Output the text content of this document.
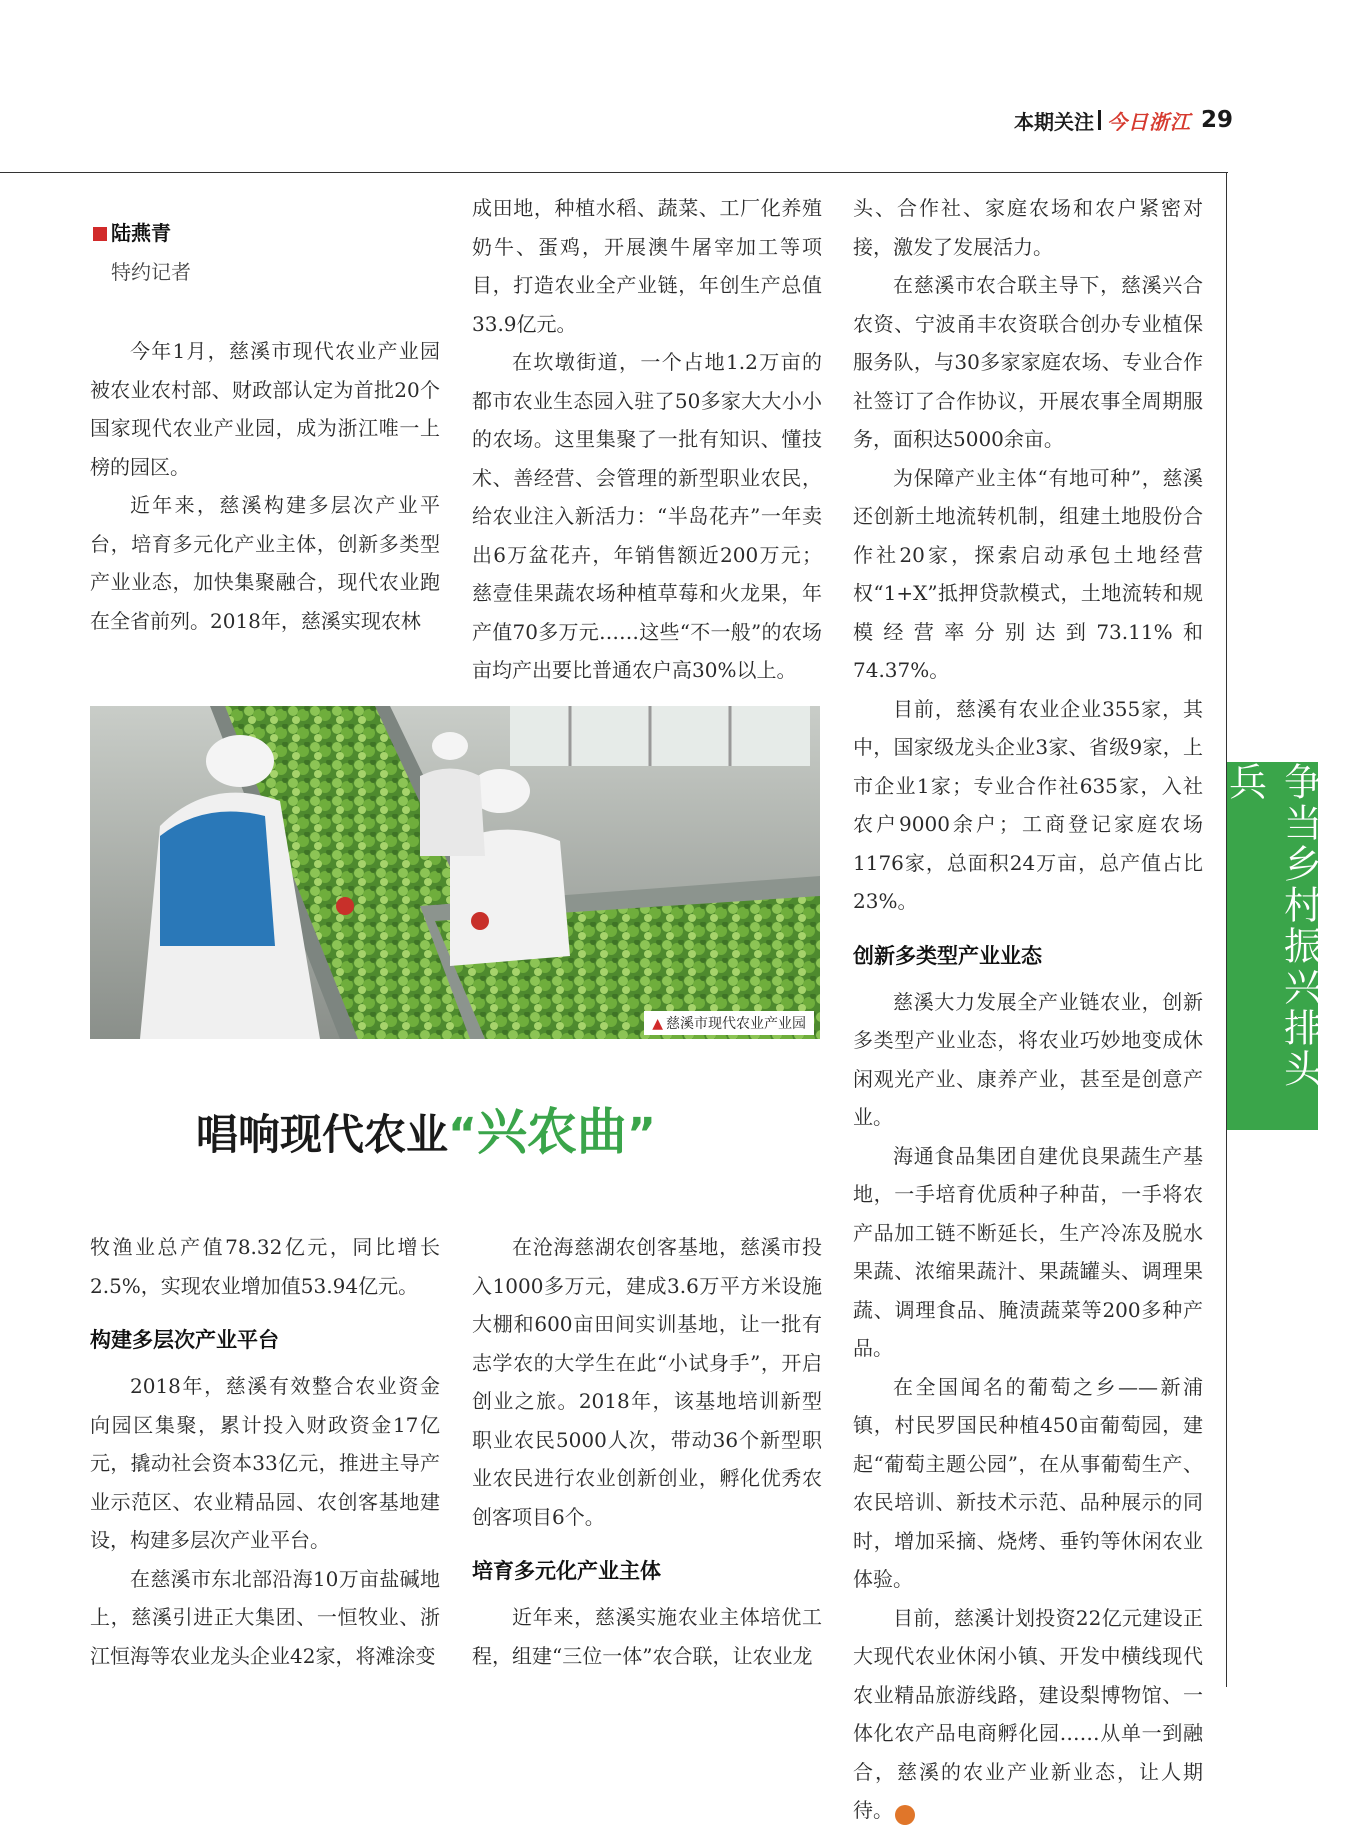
本期关注 今日浙江 29
争当乡村振兴排头兵
陆燕青
特约记者

今年1月，慈溪市现代农业产业园被农业农村部、财政部认定为首批20个国家现代农业产业园，成为浙江唯一上榜的园区。

近年来，慈溪构建多层次产业平台，培育多元化产业主体，创新多类型产业业态，加快集聚融合，现代农业跑在全省前列。2018年，慈溪实现农林

成田地，种植水稻、蔬菜、工厂化养殖奶牛、蛋鸡，开展澳牛屠宰加工等项目，打造农业全产业链，年创生产总值33.9亿元。

在坎墩街道，一个占地1.2万亩的都市农业生态园入驻了50多家大大小小的农场。这里集聚了一批有知识、懂技术、善经营、会管理的新型职业农民，给农业注入新活力：“半岛花卉”一年卖出6万盆花卉，年销售额近200万元；慈壹佳果蔬农场种植草莓和火龙果，年产值70多万元……这些“不一般”的农场亩均产出要比普通农户高30%以上。

头、合作社、家庭农场和农户紧密对接，激发了发展活力。

在慈溪市农合联主导下，慈溪兴合农资、宁波甬丰农资联合创办专业植保服务队，与30多家家庭农场、专业合作社签订了合作协议，开展农事全周期服务，面积达5000余亩。

为保障产业主体“有地可种”，慈溪还创新土地流转机制，组建土地股份合作社20家，探索启动承包土地经营权“1+X”抵押贷款模式，土地流转和规模经营率分别达到73.11%和74.37%。

目前，慈溪有农业企业355家，其中，国家级龙头企业3家、省级9家，上市企业1家；专业合作社635家，入社农户9000余户；工商登记家庭农场1176家，总面积24万亩，总产值占比23%。

创新多类型产业业态

慈溪大力发展全产业链农业，创新多类型产业业态，将农业巧妙地变成休闲观光产业、康养产业，甚至是创意产业。

海通食品集团自建优良果蔬生产基地，一手培育优质种子种苗，一手将农产品加工链不断延长，生产冷冻及脱水果蔬、浓缩果蔬汁、果蔬罐头、调理果蔬、调理食品、腌渍蔬菜等200多种产品。

在全国闻名的葡萄之乡——新浦镇，村民罗国民种植450亩葡萄园，建起“葡萄主题公园”，在从事葡萄生产、农民培训、新技术示范、品种展示的同时，增加采摘、烧烤、垂钓等休闲农业体验。

目前，慈溪计划投资22亿元建设正大现代农业休闲小镇、开发中横线现代农业精品旅游线路，建设梨博物馆、一体化农产品电商孵化园……从单一到融合，慈溪的农业产业新业态，让人期待。	今

▲ 慈溪市现代农业产业园
唱响现代农业“兴农曲”

牧渔业总产值78.32亿元，同比增长2.5%，实现农业增加值53.94亿元。

构建多层次产业平台

2018年，慈溪有效整合农业资金向园区集聚，累计投入财政资金17亿元，撬动社会资本33亿元，推进主导产业示范区、农业精品园、农创客基地建设，构建多层次产业平台。

在慈溪市东北部沿海10万亩盐碱地上，慈溪引进正大集团、一恒牧业、浙江恒海等农业龙头企业42家，将滩涂变

在沧海慈湖农创客基地，慈溪市投入1000多万元，建成3.6万平方米设施大棚和600亩田间实训基地，让一批有志学农的大学生在此“小试身手”，开启创业之旅。2018年，该基地培训新型职业农民5000人次，带动36个新型职业农民进行农业创新创业，孵化优秀农创客项目6个。

培育多元化产业主体

近年来，慈溪实施农业主体培优工程，组建“三位一体”农合联，让农业龙
